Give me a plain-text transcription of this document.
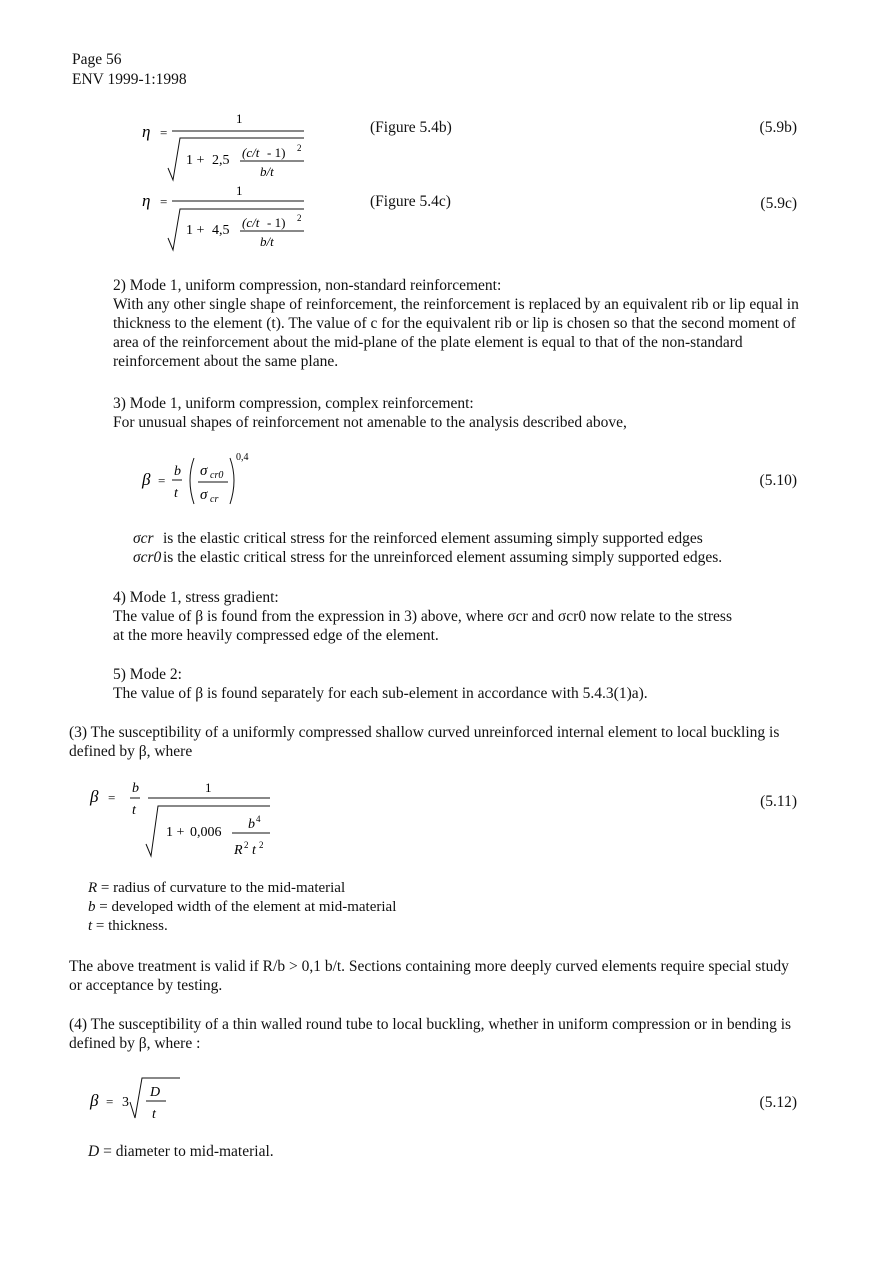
Page 56
ENV 1999-1:1998
η =
1
1 + 2,5
(c/t - 1) 2
b/t
(Figure 5.4b)	(5.9b)
η =
1
1 + 4,5
(c/t - 1) 2
b/t
(Figure 5.4c)	(5.9c)

2) Mode 1, uniform compression, non-standard reinforcement:

With any other single shape of reinforcement, the reinforcement is replaced by an equivalent rib or lip equal in thickness to the element (t). The value of c for the equivalent rib or lip is chosen so that the second moment of area of the reinforcement about the mid-plane of the plate element is equal to that of the non-standard reinforcement about the same plane.

3) Mode 1, uniform compression, complex reinforcement:

For unusual shapes of reinforcement not amenable to the analysis described above,

β =
b
t
σ cr0
σ cr
0,4
(5.10)
σcr is the elastic critical stress for the reinforced element assuming simply supported edges
σcr0 is the elastic critical stress for the unreinforced element assuming simply supported edges.

4) Mode 1, stress gradient:

The value of β is found from the expression in 3) above, where σcr and σcr0 now relate to the stress

at the more heavily compressed edge of the element.

5) Mode 2:

The value of β is found separately for each sub-element in accordance with 5.4.3(1)a).

(3) The susceptibility of a uniformly compressed shallow curved unreinforced internal element to local buckling is defined by β, where
β =
b
t
1
1 + 0,006
b 4
R 2 t 2
(5.11)
R = radius of curvature to the mid-material
b = developed width of the element at mid-material
t = thickness.
The above treatment is valid if R/b > 0,1 b/t. Sections containing more deeply curved elements require special study or acceptance by testing.
(4) The susceptibility of a thin walled round tube to local buckling, whether in uniform compression or in bending is defined by β, where :
β = 3
D
t
(5.12)
D = diameter to mid-material.
